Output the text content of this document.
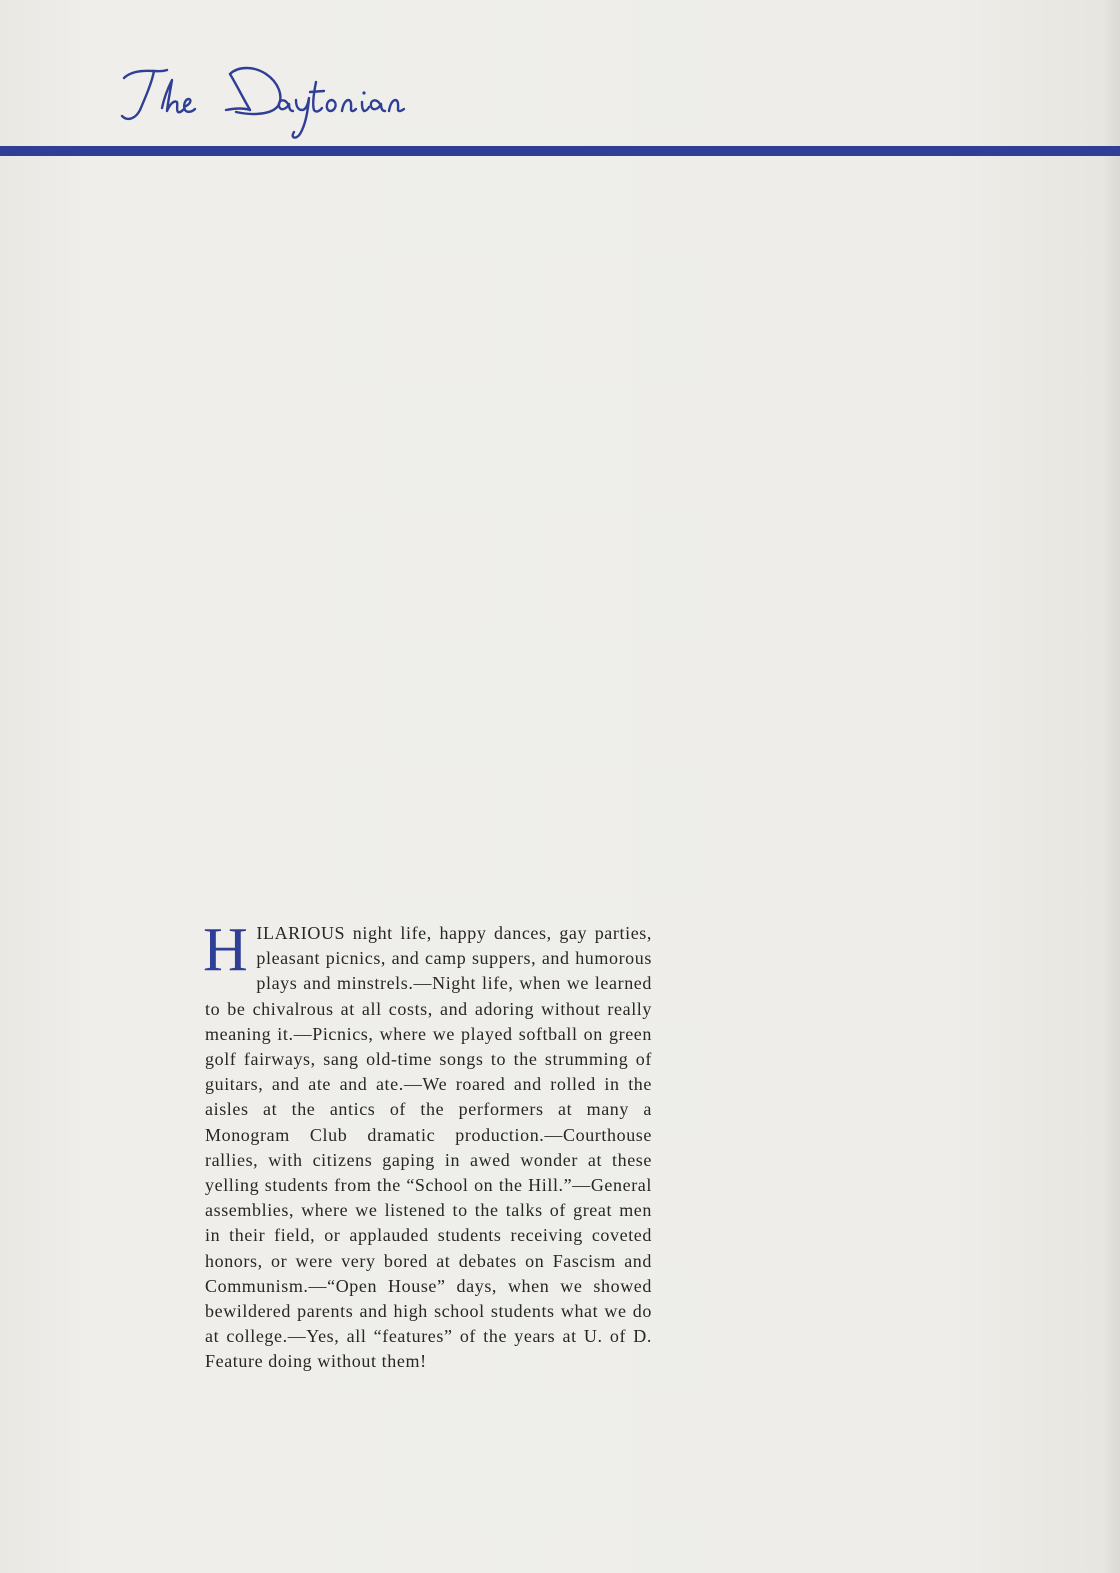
HILARIOUS night life, happy dances, gay parties, pleasant picnics, and camp suppers, and humorous plays and minstrels.—Night life, when we learned to be chivalrous at all costs, and adoring without really meaning it.—Picnics, where we played softball on green golf fairways, sang old-time songs to the strumming of guitars, and ate and ate.—We roared and rolled in the aisles at the antics of the performers at many a Monogram Club dramatic production.—Courthouse rallies, with citizens gaping in awed wonder at these yelling students from the “School on the Hill.”—General assemblies, where we listened to the talks of great men in their field, or applauded students receiving coveted honors, or were very bored at debates on Fascism and Communism.—“Open House” days, when we showed bewildered parents and high school students what we do at college.—Yes, all “features” of the years at U. of D. Feature doing without them!
